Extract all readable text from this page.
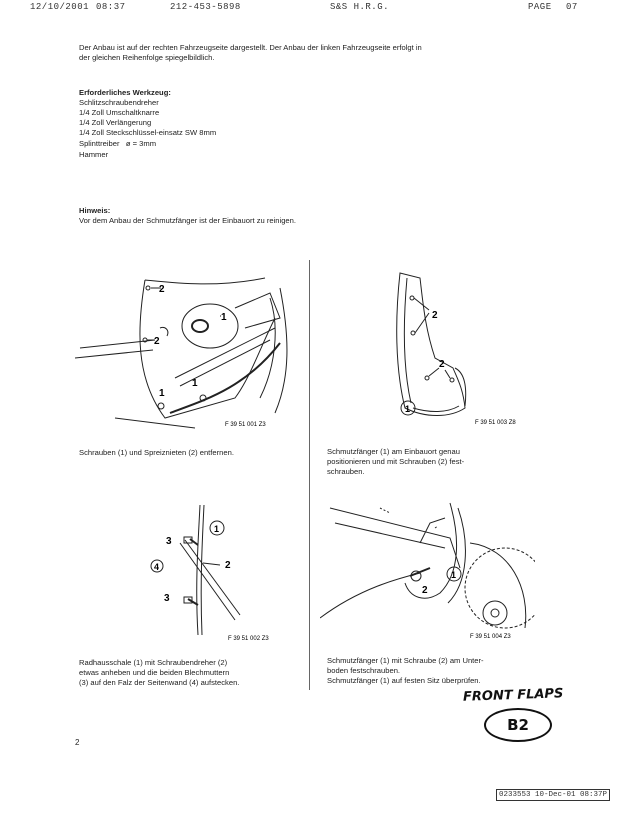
12/10/2001 08:37	212-453-5898	S&S H.R.G.	PAGE 07
Der Anbau ist auf der rechten Fahrzeugseite dargestellt. Der Anbau der linken Fahrzeugseite erfolgt in
der gleichen Reihenfolge spiegelbildlich.
Erforderliches Werkzeug:
Schlitzschraubendreher
1/4 Zoll Umschaltknarre
1/4 Zoll Verlängerung
1/4 Zoll Steckschlüssel-einsatz SW 8mm
Splinttreiber   ø = 3mm
Hammer
Hinweis:
Vor dem Anbau der Schmutzfänger ist der Einbauort zu reinigen.
2
2
1
1
1
F 39 51 001 Z3
2
2
1
F 39 51 003 Z8
Schrauben (1) und Spreiznieten (2) entfernen.	Schmutzfänger (1) am Einbauort genau
positionieren und mit Schrauben (2) fest-
schrauben.
3
1
4	2
3
F 39 51 002 Z3
1
2
F 39 51 004 Z3
Radhausschale (1) mit Schraubendreher (2)
etwas anheben und die beiden Blechmuttern
(3) auf den Falz der Seitenwand (4) aufstecken.
Schmutzfänger (1) mit Schraube (2) am Unter-
boden festschrauben.
Schmutzfänger (1) auf festen Sitz überprüfen.
FRONT FLAPS
B2
2
0233553 10-Dec-01 08:37P
